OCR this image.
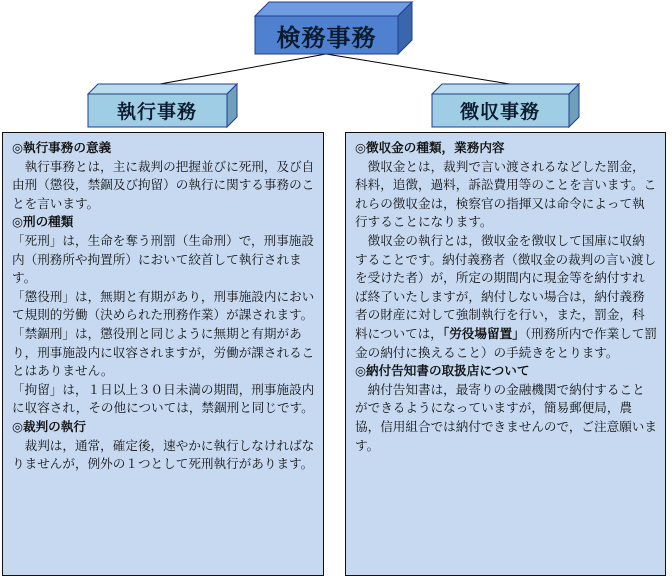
検務事務
執行事務	徴収事務

◎執行事務の意義

執行事務とは，主に裁判の把握並びに死刑，及び自由刑（懲役，禁錮及び拘留）の執行に関する事務のことを言います。

◎刑の種類

「死刑」は，生命を奪う刑罰（生命刑）で，刑事施設内（刑務所や拘置所）において絞首して執行されます。

「懲役刑」は，無期と有期があり，刑事施設内において規則的労働（決められた刑務作業）が課されます。

「禁錮刑」は，懲役刑と同じように無期と有期があり，刑事施設内に収容されますが，労働が課されることはありません。

「拘留」は，１日以上３０日未満の期間，刑事施設内に収容され，その他については，禁錮刑と同じです。

◎裁判の執行

裁判は，通常，確定後，速やかに執行しなければなりませんが，例外の１つとして死刑執行があります。

◎徴収金の種類，業務内容

徴収金とは，裁判で言い渡されるなどした罰金，科料，追徴，過料，訴訟費用等のことを言います。これらの徴収金は，検察官の指揮又は命令によって執行することになります。

徴収金の執行とは，徴収金を徴収して国庫に収納することです。納付義務者（徴収金の裁判の言い渡しを受けた者）が，所定の期間内に現金等を納付すれば終了いたしますが，納付しない場合は，納付義務者の財産に対して強制執行を行い，また，罰金，科料については，「労役場留置」（刑務所内で作業して罰金の納付に換えること）の手続きをとります。

◎納付告知書の取扱店について

納付告知書は，最寄りの金融機関で納付することができるようになっていますが，簡易郵便局，農協，信用組合では納付できませんので，ご注意願います。
